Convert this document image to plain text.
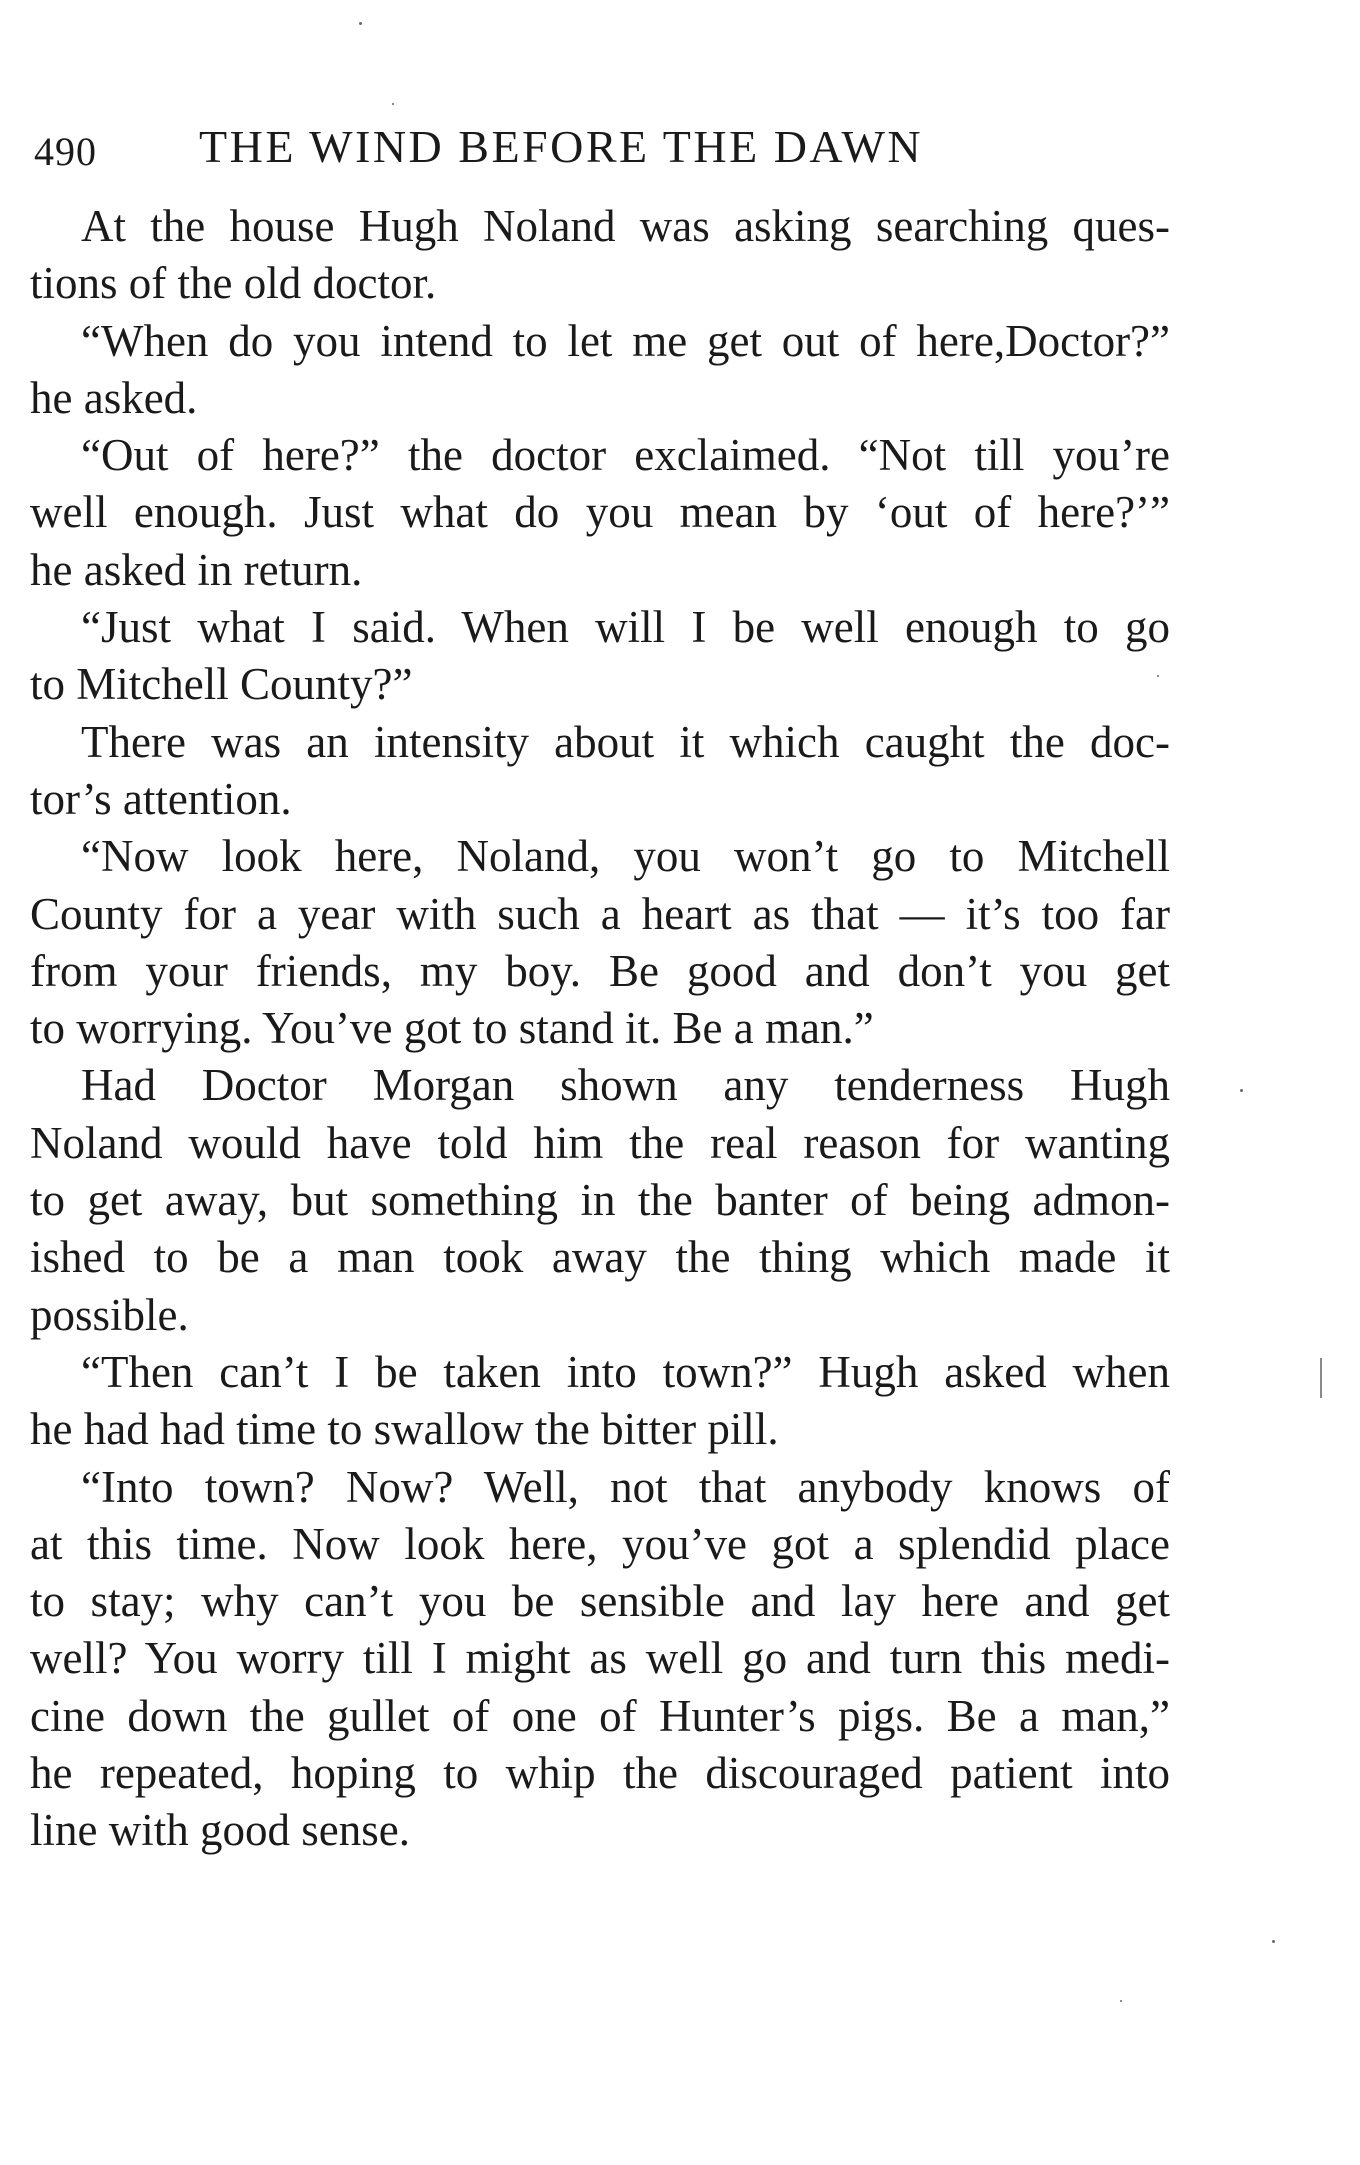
490 THE WIND BEFORE THE DAWN
At the house Hugh Noland was asking searching ques-
tions of the old doctor.
“When do you intend to let me get out of here,Doctor?”
he asked.
“Out of here?” the doctor exclaimed. “Not till you’re
well enough. Just what do you mean by ‘out of here?’”
he asked in return.
“Just what I said. When will I be well enough to go
to Mitchell County?”
There was an intensity about it which caught the doc-
tor’s attention.
“Now look here, Noland, you won’t go to Mitchell
County for a year with such a heart as that — it’s too far
from your friends, my boy. Be good and don’t you get
to worrying. You’ve got to stand it. Be a man.”
Had Doctor Morgan shown any tenderness Hugh
Noland would have told him the real reason for wanting
to get away, but something in the banter of being admon-
ished to be a man took away the thing which made it
possible.
“Then can’t I be taken into town?” Hugh asked when
he had had time to swallow the bitter pill.
“Into town? Now? Well, not that anybody knows of
at this time. Now look here, you’ve got a splendid place
to stay; why can’t you be sensible and lay here and get
well? You worry till I might as well go and turn this medi-
cine down the gullet of one of Hunter’s pigs. Be a man,”
he repeated, hoping to whip the discouraged patient into
line with good sense.
